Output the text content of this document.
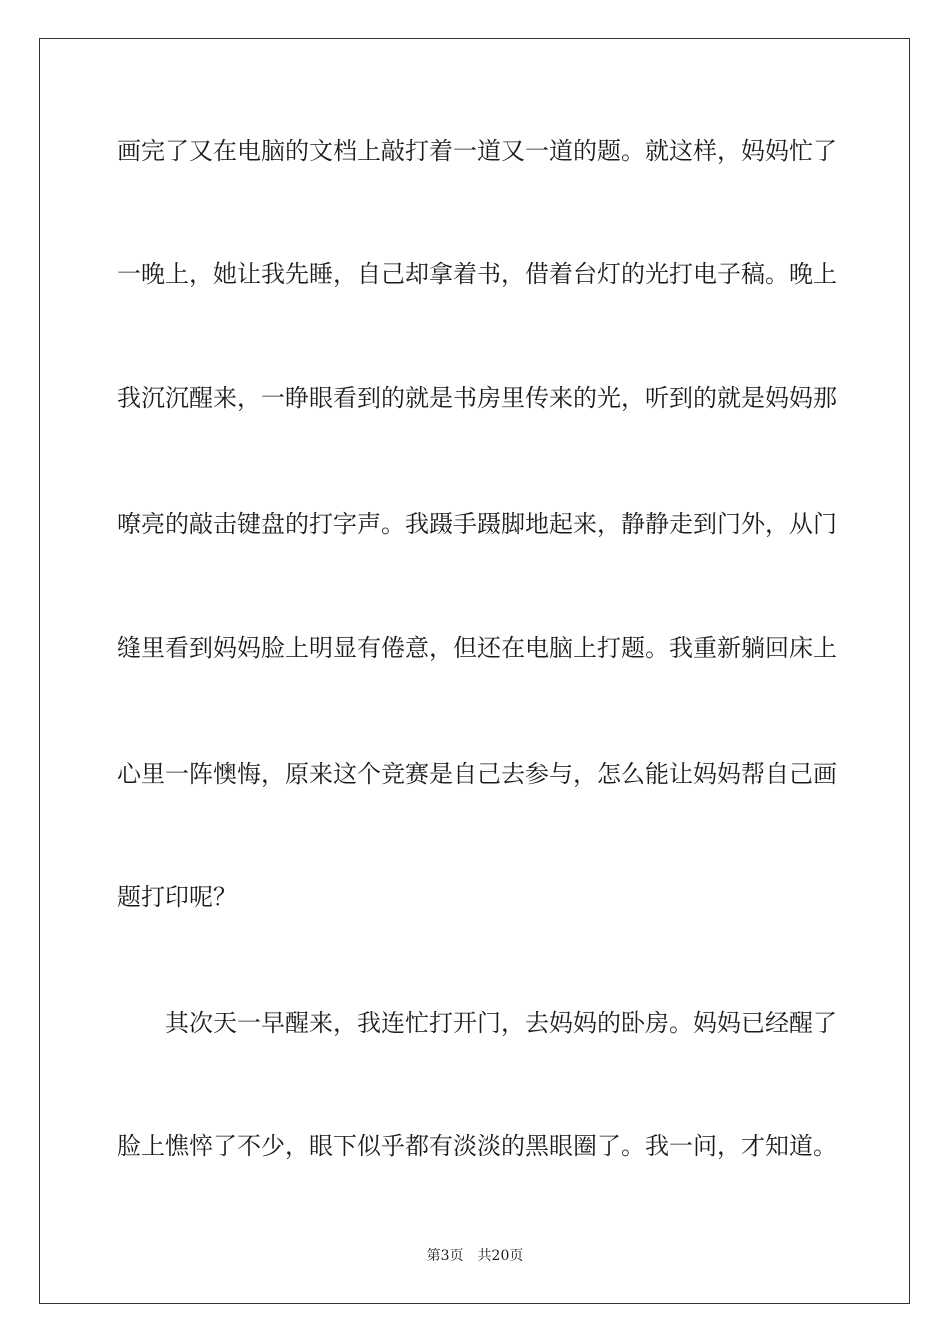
画完了又在电脑的文档上敲打着一道又一道的题。就这样，妈妈忙了
一晚上，她让我先睡，自己却拿着书，借着台灯的光打电子稿。晚上
我沉沉醒来，一睁眼看到的就是书房里传来的光，听到的就是妈妈那
嘹亮的敲击键盘的打字声。我蹑手蹑脚地起来，静静走到门外，从门
缝里看到妈妈脸上明显有倦意，但还在电脑上打题。我重新躺回床上
心里一阵懊悔，原来这个竞赛是自己去参与，怎么能让妈妈帮自己画
题打印呢？
其次天一早醒来，我连忙打开门，去妈妈的卧房。妈妈已经醒了
脸上憔悴了不少，眼下似乎都有淡淡的黑眼圈了。我一问，才知道。
第3页 共20页
